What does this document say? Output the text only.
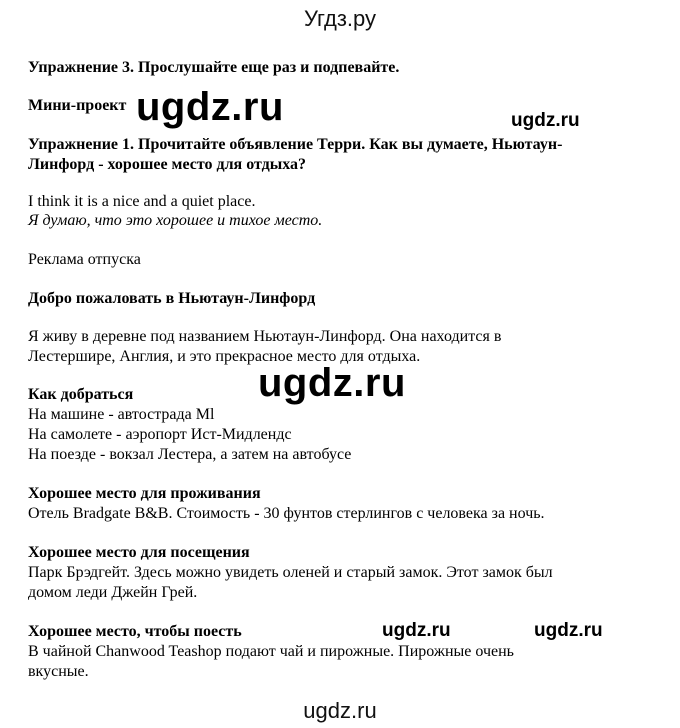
Угдз.ру
Упражнение 3. Прослушайте еще раз и подпевайте.
Мини-проект ugdz.ru	ugdz.ru
Упражнение 1. Прочитайте объявление Терри. Как вы думаете, Ньютаун-
Линфорд - хорошее место для отдыха?
I think it is a nice and a quiet place.
Я думаю, что это хорошее и тихое место.
Реклама отпуска
Добро пожаловать в Ньютаун-Линфорд
Я живу в деревне под названием Ньютаун-Линфорд. Она находится в
Лестершире, Англия, и это прекрасное место для отдыха.
ugdz.ru
Как добраться
На машине - автострада Ml
На самолете - аэропорт Ист-Мидлендс
На поезде - вокзал Лестера, а затем на автобусе
Хорошее место для проживания
Отель Bradgate B&B. Стоимость - 30 фунтов стерлингов с человека за ночь.
Хорошее место для посещения
Парк Брэдгейт. Здесь можно увидеть оленей и старый замок. Этот замок был
домом леди Джейн Грей.
Хорошее место, чтобы поесть	ugdz.ru	ugdz.ru
В чайной Chanwood Teashop подают чай и пирожные. Пирожные очень
вкусные.
ugdz.ru
